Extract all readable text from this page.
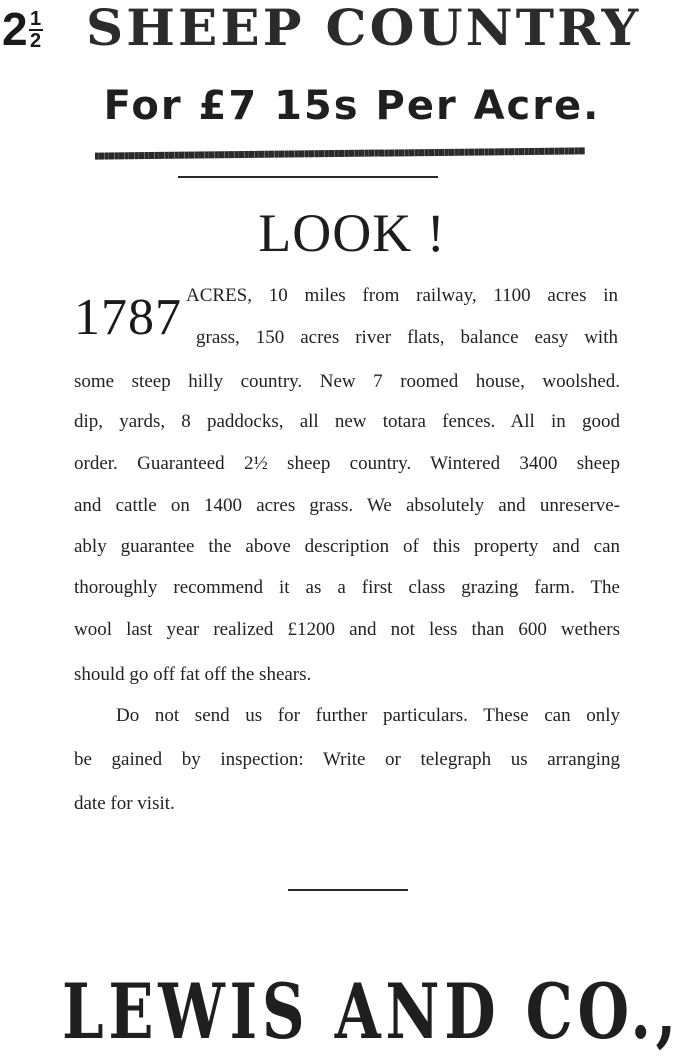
$2\frac{1}{2}$ SHEEP COUNTRY
For £7 15s Per Acre.
LOOK !
1787 ACRES, 10 miles from railway, 1100 acres in
grass, 150 acres river flats, balance easy with
some steep hilly country. New 7 roomed house, woolshed.
dip, yards, 8 paddocks, all new totara fences. All in good
order. Guaranteed 2½ sheep country. Wintered 3400 sheep
and cattle on 1400 acres grass. We absolutely and unreserve-
ably guarantee the above description of this property and can
thoroughly recommend it as a first class grazing farm. The
wool last year realized £1200 and not less than 600 wethers
should go off fat off the shears.
Do not send us for further particulars. These can only
be gained by inspection: Write or telegraph us arranging
date for visit.
LEWIS AND CO.,
